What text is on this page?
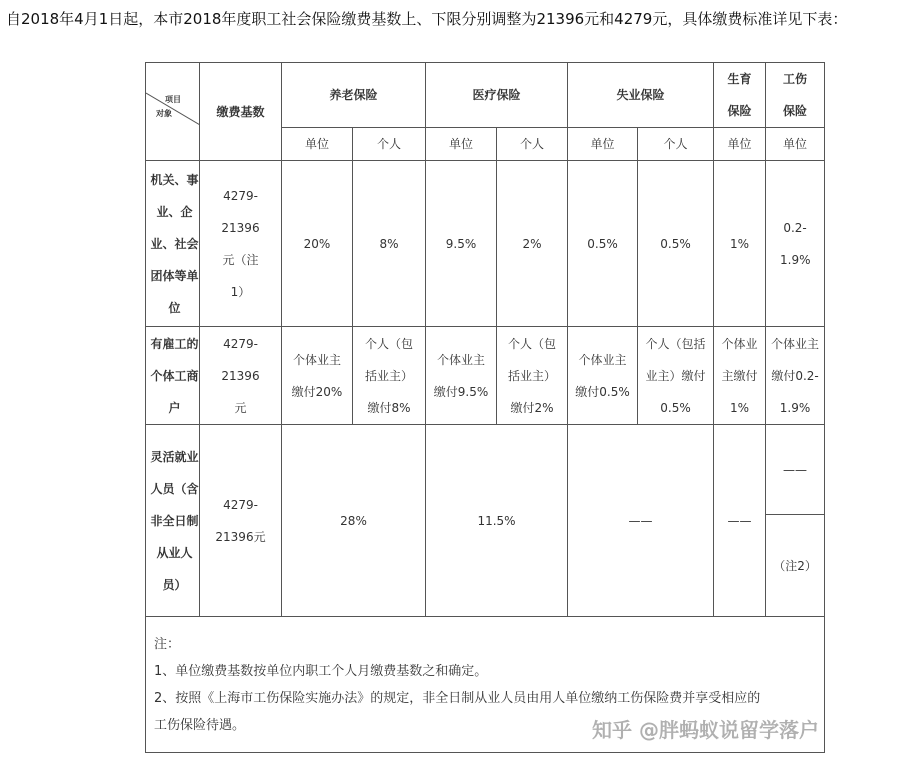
自2018年4月1日起，本市2018年度职工社会保险缴费基数上、下限分别调整为21396元和4279元，具体缴费标准详见下表：
项目
对象	缴费基数	养老保险		医疗保险		失业保险		生育保险	工伤保险
		单位	个人	单位	个人	单位	个人	单位	单位
机关、事业、企业、社会团体等单位	4279-21396元（注1）	20%	8%	9.5%	2%	0.5%	0.5%	1%	0.2-1.9%
有雇工的个体工商户	4279-21396元	个体业主缴付20%	个人（包括业主）缴付8%	个体业主缴付9.5%	个人（包括业主）缴付2%	个体业主缴付0.5%	个人（包括业主）缴付0.5%	个体业主缴付1%	个体业主缴付0.2-1.9%
灵活就业人员（含非全日制从业人员）	4279-21396元	28%		11.5%		——		——	——
									（注2）

注：
1、单位缴费基数按单位内职工个人月缴费基数之和确定。
2、按照《上海市工伤保险实施办法》的规定，非全日制从业人员由用人单位缴纳工伤保险费并享受相应的
工伤保险待遇。										知乎 @胖蚂蚁说留学落户
